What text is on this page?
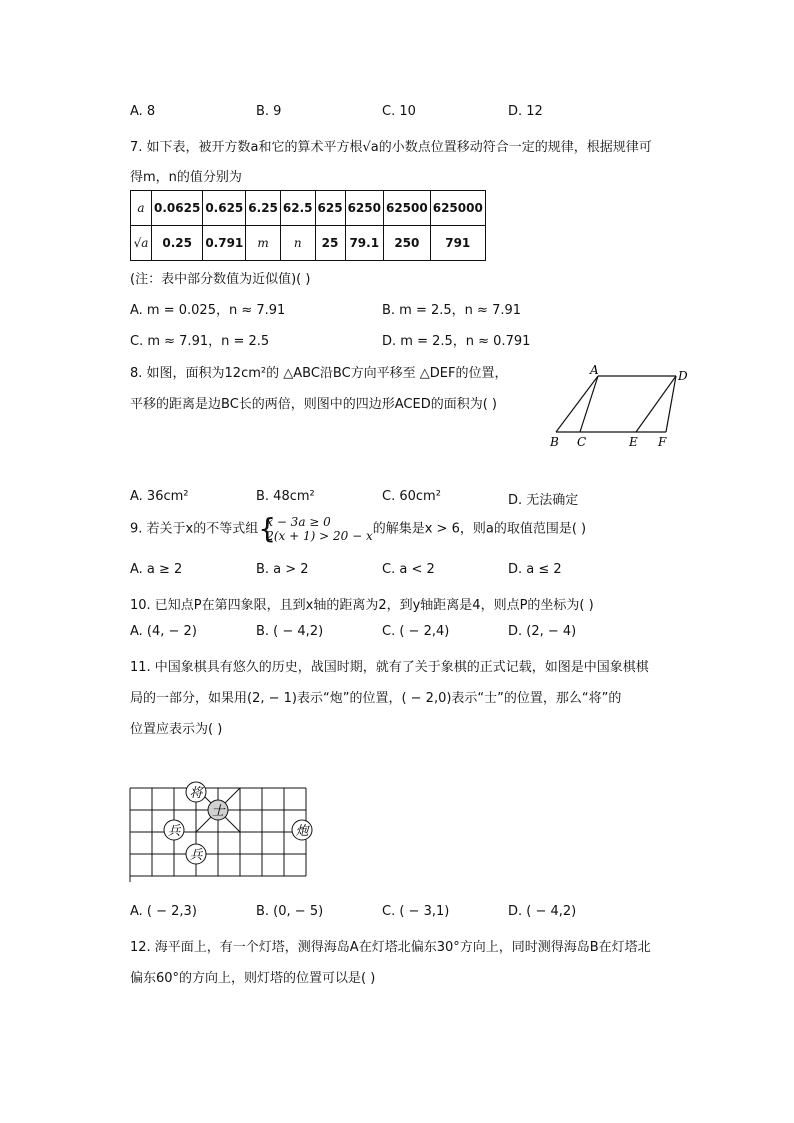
A. 8	B. 9	C. 10	D. 12
7. 如下表，被开方数a和它的算术平方根√a的小数点位置移动符合一定的规律，根据规律可
得m，n的值分别为
a	0.0625	0.625	6.25	62.5	625	6250	62500	625000
√a	0.25	0.791	m	n	25	79.1	250	791
(注：表中部分数值为近似值)( )
A. m = 0.025，n ≈ 7.91	B. m = 2.5，n ≈ 7.91
C. m ≈ 7.91，n = 2.5	D. m = 2.5，n ≈ 0.791
8. 如图，面积为12cm²的 △ABC沿BC方向平移至 △DEF的位置，
平移的距离是边BC长的两倍，则图中的四边形ACED的面积为( )
A	D
B C	E F
A. 36cm²	B. 48cm²	C. 60cm²	D. 无法确定
9. 若关于x的不等式组 {
x − 3a ≥ 0
2(x + 1) > 20 − x的解集是x > 6，则a的取值范围是( )
A. a ≥ 2	B. a > 2	C. a < 2	D. a ≤ 2
10. 已知点P在第四象限，且到x轴的距离为2，到y轴距离是4，则点P的坐标为( )
A. (4, − 2)	B. ( − 4,2)	C. ( − 2,4)	D. (2, − 4)
11. 中国象棋具有悠久的历史，战国时期，就有了关于象棋的正式记载，如图是中国象棋棋
局的一部分，如果用(2, − 1)表示“炮”的位置，( − 2,0)表示“士”的位置，那么“将”的
位置应表示为( )
将
士
兵	炮
兵
A. ( − 2,3)	B. (0, − 5)	C. ( − 3,1)	D. ( − 4,2)
12. 海平面上，有一个灯塔，测得海岛A在灯塔北偏东30°方向上，同时测得海岛B在灯塔北
偏东60°的方向上，则灯塔的位置可以是( )
